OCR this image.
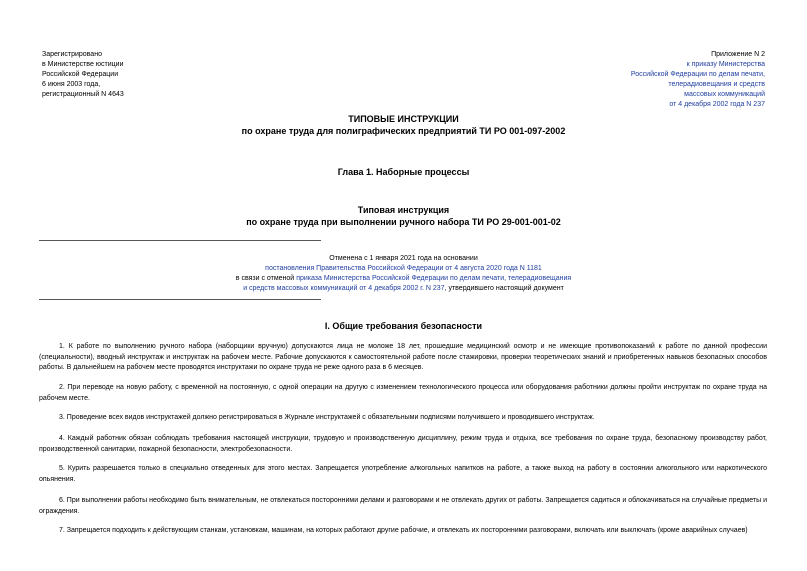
Зарегистрировано
в Министерстве юстиции
Российской Федерации
6 июня 2003 года,
регистрационный N 4643
Приложение N 2
к приказу Министерства
Российской Федерации по делам печати,
телерадиовещания и средств
массовых коммуникаций
от 4 декабря 2002 года N 237
ТИПОВЫЕ ИНСТРУКЦИИ
по охране труда для полиграфических предприятий ТИ РО 001-097-2002
Глава 1. Наборные процессы
Типовая инструкция
по охране труда при выполнении ручного набора ТИ РО 29-001-001-02
Отменена с 1 января 2021 года на основании
постановления Правительства Российской Федерации от 4 августа 2020 года N 1181
в связи с отменой приказа Министерства Российской Федерации по делам печати, телерадиовещания
и средств массовых коммуникаций от 4 декабря 2002 г. N 237, утвердившего настоящий документ
I. Общие требования безопасности

1. К работе по выполнению ручного набора (наборщики вручную) допускаются лица не моложе 18 лет, прошедшие медицинский осмотр и не имеющие противопоказаний к работе по данной профессии (специальности), вводный инструктаж и инструктаж на рабочем месте. Рабочие допускаются к самостоятельной работе после стажировки, проверки теоретических знаний и приобретенных навыков безопасных способов работы. В дальнейшем на рабочем месте проводятся инструктажи по охране труда не реже одного раза в 6 месяцев.

2. При переводе на новую работу, с временной на постоянную, с одной операции на другую с изменением технологического процесса или оборудования работники должны пройти инструктаж по охране труда на рабочем месте.

3. Проведение всех видов инструктажей должно регистрироваться в Журнале инструктажей с обязательными подписями получившего и проводившего инструктаж.

4. Каждый работник обязан соблюдать требования настоящей инструкции, трудовую и производственную дисциплину, режим труда и отдыха, все требования по охране труда, безопасному производству работ, производственной санитарии, пожарной безопасности, электробезопасности.

5. Курить разрешается только в специально отведенных для этого местах. Запрещается употребление алкогольных напитков на работе, а также выход на работу в состоянии алкогольного или наркотического опьянения.

6. При выполнении работы необходимо быть внимательным, не отвлекаться посторонними делами и разговорами и не отвлекать других от работы. Запрещается садиться и облокачиваться на случайные предметы и ограждения.

7. Запрещается подходить к действующим станкам, установкам, машинам, на которых работают другие рабочие, и отвлекать их посторонними разговорами, включать или выключать (кроме аварийных случаев)
